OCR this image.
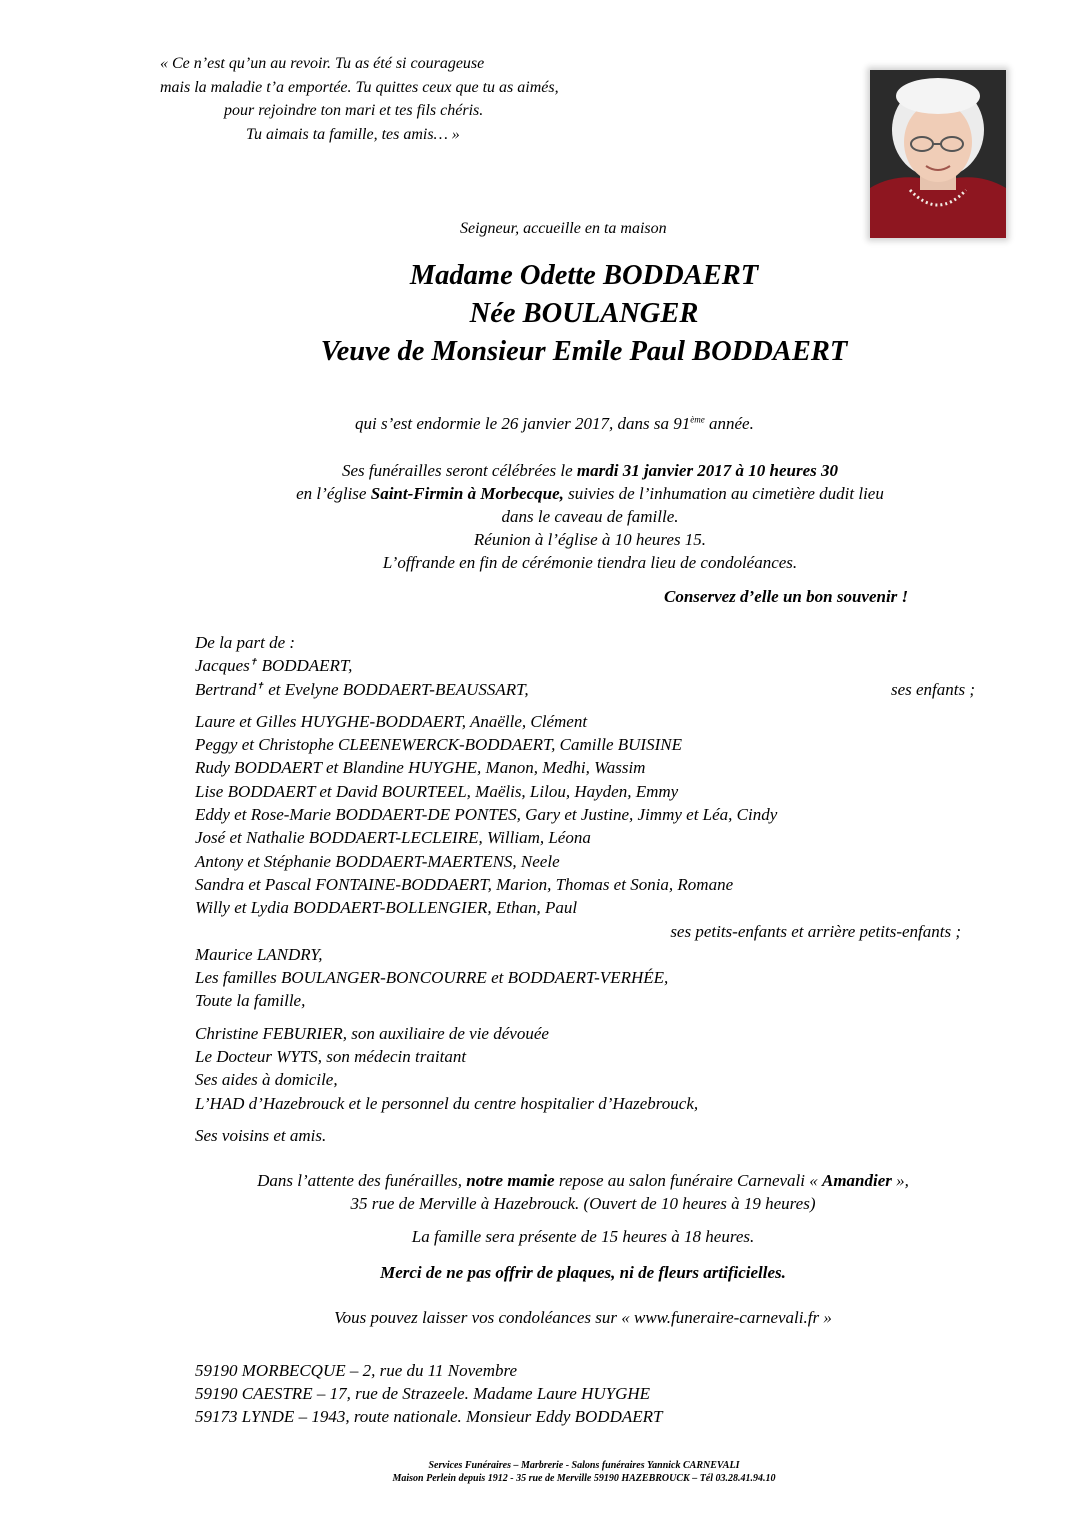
« Ce n’est qu’un au revoir. Tu as été si courageuse
mais la maladie t’a emportée. Tu quittes ceux que tu as aimés,
pour rejoindre ton mari et tes fils chéris.
Tu aimais ta famille, tes amis… »
Seigneur, accueille en ta maison
Madame Odette BODDAERT
Née BOULANGER
Veuve de Monsieur Emile Paul BODDAERT
qui s’est endormie le 26 janvier 2017, dans sa 91ème année.
Ses funérailles seront célébrées le mardi 31 janvier 2017 à 10 heures 30
en l’église Saint-Firmin à Morbecque, suivies de l’inhumation au cimetière dudit lieu
dans le caveau de famille.
Réunion à l’église à 10 heures 15.
L’offrande en fin de cérémonie tiendra lieu de condoléances.
Conservez d’elle un bon souvenir !
De la part de :
Jacques✝ BODDAERT,
Bertrand✝ et Evelyne BODDAERT-BEAUSSART,	ses enfants ;
Laure et Gilles HUYGHE-BODDAERT, Anaëlle, Clément
Peggy et Christophe CLEENEWERCK-BODDAERT, Camille BUISINE
Rudy BODDAERT et Blandine HUYGHE, Manon, Medhi, Wassim
Lise BODDAERT et David BOURTEEL, Maëlis, Lilou, Hayden, Emmy
Eddy et Rose-Marie BODDAERT-DE PONTES, Gary et Justine, Jimmy et Léa, Cindy
José et Nathalie BODDAERT-LECLEIRE, William, Léona
Antony et Stéphanie BODDAERT-MAERTENS, Neele
Sandra et Pascal FONTAINE-BODDAERT, Marion, Thomas et Sonia, Romane
Willy et Lydia BODDAERT-BOLLENGIER, Ethan, Paul
ses petits-enfants et arrière petits-enfants ;
Maurice LANDRY,
Les familles BOULANGER-BONCOURRE et BODDAERT-VERHÉE,
Toute la famille,
Christine FEBURIER, son auxiliaire de vie dévouée
Le Docteur WYTS, son médecin traitant
Ses aides à domicile,
L’HAD d’Hazebrouck et le personnel du centre hospitalier d’Hazebrouck,
Ses voisins et amis.
Dans l’attente des funérailles, notre mamie repose au salon funéraire Carnevali « Amandier »,
35 rue de Merville à Hazebrouck. (Ouvert de 10 heures à 19 heures)
La famille sera présente de 15 heures à 18 heures.
Merci de ne pas offrir de plaques, ni de fleurs artificielles.
Vous pouvez laisser vos condoléances sur « www.funeraire-carnevali.fr »
59190 MORBECQUE – 2, rue du 11 Novembre
59190 CAESTRE – 17, rue de Strazeele. Madame Laure HUYGHE
59173 LYNDE – 1943, route nationale. Monsieur Eddy BODDAERT
Services Funéraires – Marbrerie - Salons funéraires Yannick CARNEVALI
Maison Perlein depuis 1912 - 35 rue de Merville 59190 HAZEBROUCK – Tél 03.28.41.94.10
